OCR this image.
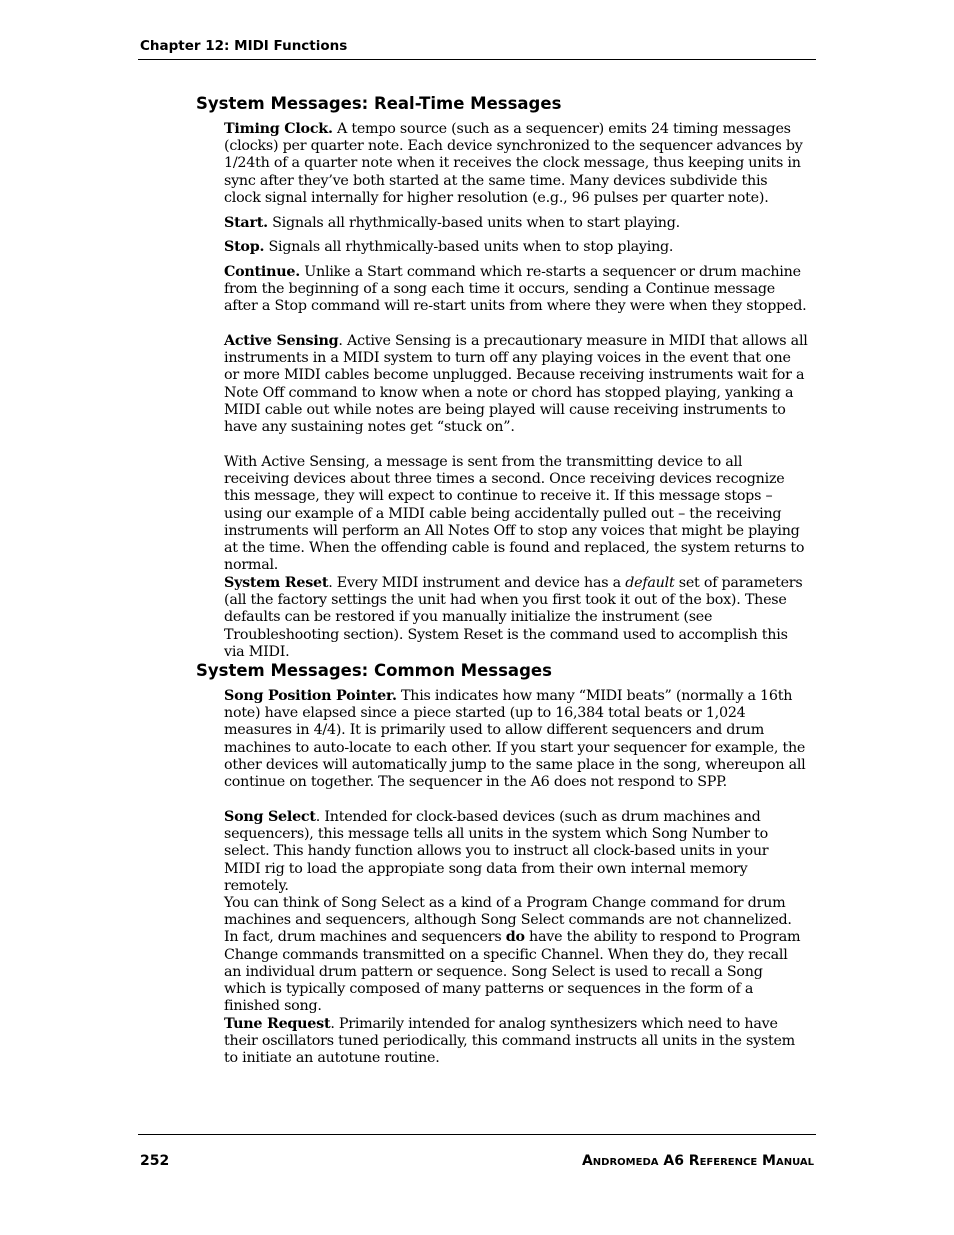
Chapter 12: MIDI Functions
System Messages: Real-Time Messages

Timing Clock. A tempo source (such as a sequencer) emits 24 timing messages (clocks) per quarter note. Each device synchronized to the sequencer advances by 1/24th of a quarter note when it receives the clock message, thus keeping units in sync after they’ve both started at the same time. Many devices subdivide this clock signal internally for higher resolution (e.g., 96 pulses per quarter note).

Start. Signals all rhythmically-based units when to start playing.

Stop. Signals all rhythmically-based units when to stop playing.

Continue. Unlike a Start command which re-starts a sequencer or drum machine from the beginning of a song each time it occurs, sending a Continue message after a Stop command will re-start units from where they were when they stopped.

Active Sensing. Active Sensing is a precautionary measure in MIDI that allows all instruments in a MIDI system to turn off any playing voices in the event that one or more MIDI cables become unplugged. Because receiving instruments wait for a Note Off command to know when a note or chord has stopped playing, yanking a MIDI cable out while notes are being played will cause receiving instruments to have any sustaining notes get “stuck on”.

With Active Sensing, a message is sent from the transmitting device to all receiving devices about three times a second. Once receiving devices recognize this message, they will expect to continue to receive it. If this message stops – using our example of a MIDI cable being accidentally pulled out – the receiving instruments will perform an All Notes Off to stop any voices that might be playing at the time. When the offending cable is found and replaced, the system returns to normal.

System Reset. Every MIDI instrument and device has a default set of parameters (all the factory settings the unit had when you first took it out of the box). These defaults can be restored if you manually initialize the instrument (see Troubleshooting section). System Reset is the command used to accomplish this via MIDI.

System Messages: Common Messages

Song Position Pointer. This indicates how many “MIDI beats” (normally a 16th note) have elapsed since a piece started (up to 16,384 total beats or 1,024 measures in 4/4). It is primarily used to allow different sequencers and drum machines to auto-locate to each other. If you start your sequencer for example, the other devices will automatically jump to the same place in the song, whereupon all continue on together. The sequencer in the A6 does not respond to SPP.

Song Select. Intended for clock-based devices (such as drum machines and sequencers), this message tells all units in the system which Song Number to select. This handy function allows you to instruct all clock-based units in your MIDI rig to load the appropiate song data from their own internal memory remotely.

You can think of Song Select as a kind of a Program Change command for drum machines and sequencers, although Song Select commands are not channelized. In fact, drum machines and sequencers do have the ability to respond to Program Change commands transmitted on a specific Channel. When they do, they recall an individual drum pattern or sequence. Song Select is used to recall a Song which is typically composed of many patterns or sequences in the form of a finished song.

Tune Request. Primarily intended for analog synthesizers which need to have their oscillators tuned periodically, this command instructs all units in the system to initiate an autotune routine.

252	Andromeda A6 Reference Manual
